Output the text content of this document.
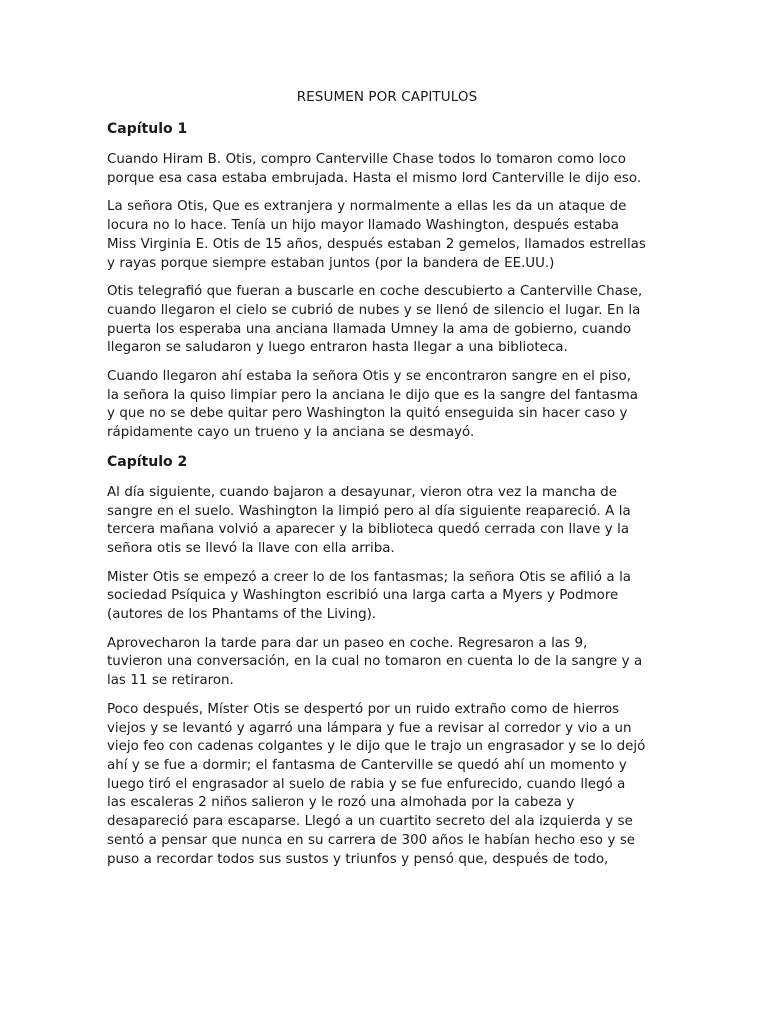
RESUMEN POR CAPITULOS
Capítulo 1

Cuando Hiram B. Otis, compro Canterville Chase todos lo tomaron como loco
porque esa casa estaba embrujada. Hasta el mismo lord Canterville le dijo eso.

La señora Otis, Que es extranjera y normalmente a ellas les da un ataque de
locura no lo hace. Tenía un hijo mayor llamado Washington, después estaba
Miss Virginia E. Otis de 15 años, después estaban 2 gemelos, llamados estrellas
y rayas porque siempre estaban juntos (por la bandera de EE.UU.)

Otis telegrafió que fueran a buscarle en coche descubierto a Canterville Chase,
cuando llegaron el cielo se cubrió de nubes y se llenó de silencio el lugar. En la
puerta los esperaba una anciana llamada Umney la ama de gobierno, cuando
llegaron se saludaron y luego entraron hasta llegar a una biblioteca.

Cuando llegaron ahí estaba la señora Otis y se encontraron sangre en el piso,
la señora la quiso limpiar pero la anciana le dijo que es la sangre del fantasma
y que no se debe quitar pero Washington la quitó enseguida sin hacer caso y
rápidamente cayo un trueno y la anciana se desmayó.

Capítulo 2

Al día siguiente, cuando bajaron a desayunar, vieron otra vez la mancha de
sangre en el suelo. Washington la limpió pero al día siguiente reapareció. A la
tercera mañana volvió a aparecer y la biblioteca quedó cerrada con llave y la
señora otis se llevó la llave con ella arriba.

Mister Otis se empezó a creer lo de los fantasmas; la señora Otis se afilió a la
sociedad Psíquica y Washington escribió una larga carta a Myers y Podmore
(autores de los Phantams of the Living).

Aprovecharon la tarde para dar un paseo en coche. Regresaron a las 9,
tuvieron una conversación, en la cual no tomaron en cuenta lo de la sangre y a
las 11 se retiraron.

Poco después, Míster Otis se despertó por un ruido extraño como de hierros
viejos y se levantó y agarró una lámpara y fue a revisar al corredor y vio a un
viejo feo con cadenas colgantes y le dijo que le trajo un engrasador y se lo dejó
ahí y se fue a dormir; el fantasma de Canterville se quedó ahí un momento y
luego tiró el engrasador al suelo de rabia y se fue enfurecido, cuando llegó a
las escaleras 2 niños salieron y le rozó una almohada por la cabeza y
desapareció para escaparse. Llegó a un cuartito secreto del ala izquierda y se
sentó a pensar que nunca en su carrera de 300 años le habían hecho eso y se
puso a recordar todos sus sustos y triunfos y pensó que, después de todo,
